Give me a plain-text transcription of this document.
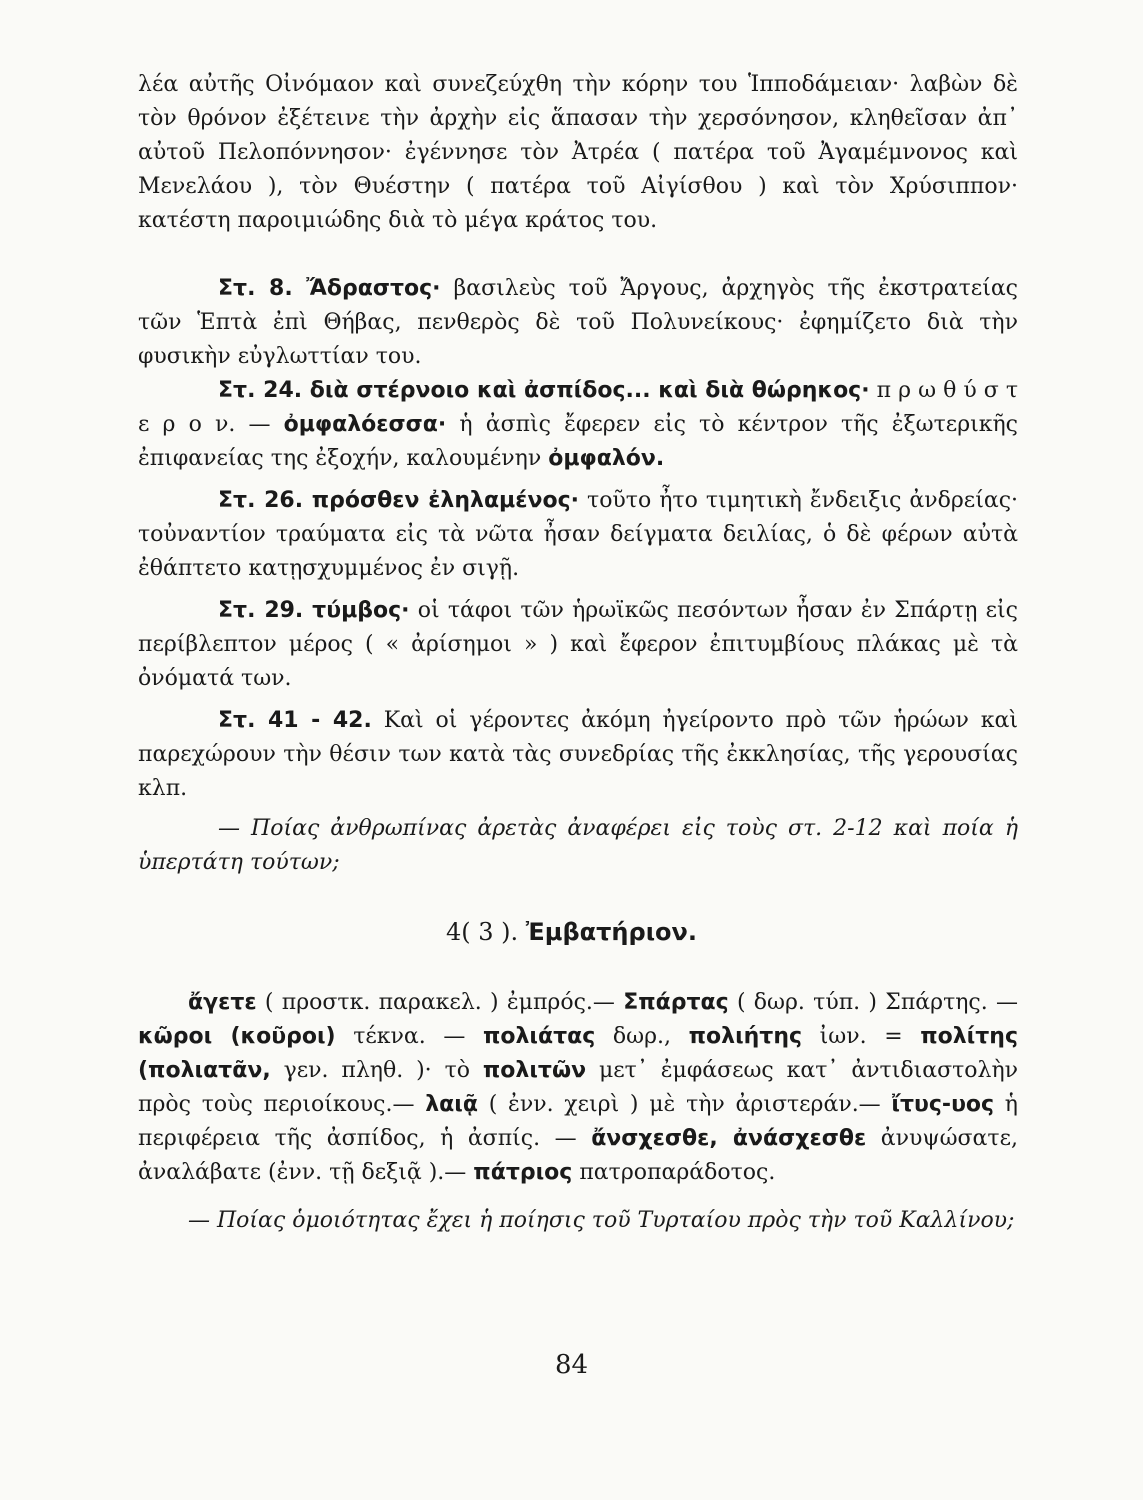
λέα αὐτῆς Οἰνόμαον καὶ συνεζεύχθη τὴν κόρην του Ἱπποδάμειαν· λαβὼν δὲ τὸν θρόνον ἐξέτεινε τὴν ἀρχὴν εἰς ἅπασαν τὴν χερσόνησον, κληθεῖσαν ἀπ᾽ αὐτοῦ Πελοπόννησον· ἐγέννησε τὸν Ἀτρέα ( πατέρα τοῦ Ἀγαμέμνονος καὶ Μενελάου ), τὸν Θυέστην ( πατέρα τοῦ Αἰγίσθου ) καὶ τὸν Χρύσιππον· κατέστη παροιμιώδης διὰ τὸ μέγα κράτος του.
Στ. 8. Ἄδραστος· βασιλεὺς τοῦ Ἄργους, ἀρχηγὸς τῆς ἐκστρατείας τῶν Ἑπτὰ ἐπὶ Θήβας, πενθερὸς δὲ τοῦ Πολυνείκους· ἐφημίζετο διὰ τὴν φυσικὴν εὐγλωττίαν του.
Στ. 24. διὰ στέρνοιο καὶ ἀσπίδος... καὶ διὰ θώρηκος· π ρ ω θ ύ σ τ ε ρ ο ν. — ὀμφαλόεσσα· ἡ ἀσπὶς ἔφερεν εἰς τὸ κέντρον τῆς ἐξωτερικῆς ἐπιφανείας της ἐξοχήν, καλουμένην ὀμφαλόν.
Στ. 26. πρόσθεν ἐληλαμένος· τοῦτο ἦτο τιμητικὴ ἔνδειξις ἀνδρείας· τοὐναντίον τραύματα εἰς τὰ νῶτα ἦσαν δείγματα δειλίας, ὁ δὲ φέρων αὐτὰ ἐθάπτετο κατῃσχυμμένος ἐν σιγῇ.
Στ. 29. τύμβος· οἱ τάφοι τῶν ἡρωϊκῶς πεσόντων ἦσαν ἐν Σπάρτῃ εἰς περίβλεπτον μέρος ( « ἀρίσημοι » ) καὶ ἔφερον ἐπιτυμβίους πλάκας μὲ τὰ ὀνόματά των.
Στ. 41 - 42. Καὶ οἱ γέροντες ἀκόμη ἠγείροντο πρὸ τῶν ἡρώων καὶ παρεχώρουν τὴν θέσιν των κατὰ τὰς συνεδρίας τῆς ἐκκλησίας, τῆς γερουσίας κλπ.
— Ποίας ἀνθρωπίνας ἀρετὰς ἀναφέρει εἰς τοὺς στ. 2-12 καὶ ποία ἡ ὑπερτάτη τούτων;
4( 3 ). Ἐμβατήριον.
ἄγετε ( προστκ. παρακελ. ) ἐμπρός.— Σπάρτας ( δωρ. τύπ. ) Σπάρτης. — κῶροι (κοῦροι) τέκνα. — πολιάτας δωρ., πολιήτης ἰων. = πολίτης (πολιατᾶν, γεν. πληθ. )· τὸ πολιτῶν μετ᾽ ἐμφάσεως κατ᾽ ἀντιδιαστολὴν πρὸς τοὺς περιοίκους.— λαιᾷ ( ἐνν. χειρὶ ) μὲ τὴν ἀριστεράν.— ἴτυς-υος ἡ περιφέρεια τῆς ἀσπίδος, ἡ ἀσπίς. — ἄνσχεσθε, ἀνάσχεσθε ἀνυψώσατε, ἀναλάβατε (ἐνν. τῇ δεξιᾷ ).— πάτριος πατροπαράδοτος.
— Ποίας ὁμοιότητας ἔχει ἡ ποίησις τοῦ Τυρταίου πρὸς τὴν τοῦ Καλλίνου;
84
